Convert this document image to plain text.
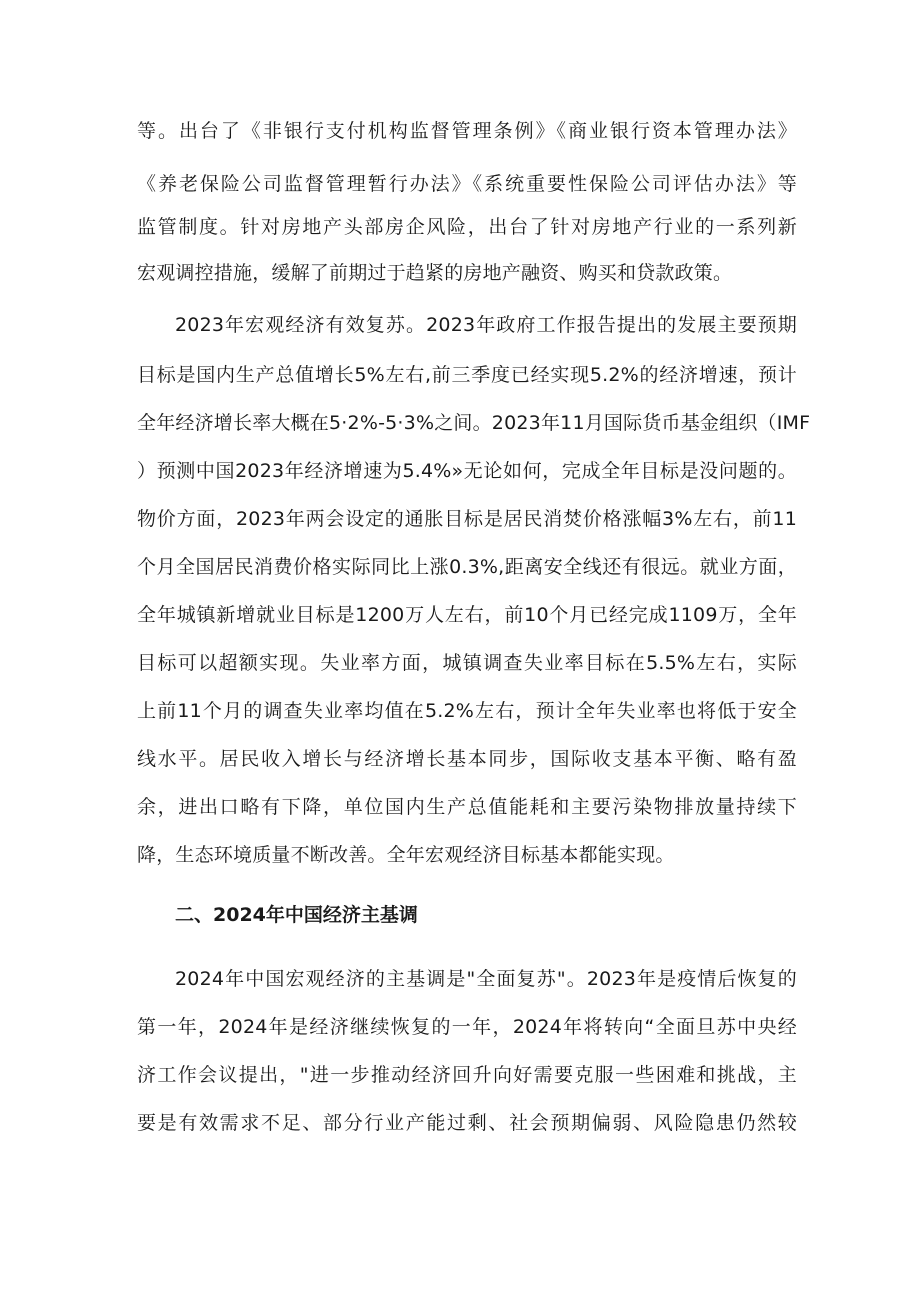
等。出台了《非银行支付机构监督管理条例》《商业银行资本管理办法》
《养老保险公司监督管理暂行办法》《系统重要性保险公司评估办法》等
监管制度。针对房地产头部房企风险，出台了针对房地产行业的一系列新
宏观调控措施，缓解了前期过于趋紧的房地产融资、购买和贷款政策。
2023年宏观经济有效复苏。2023年政府工作报告提出的发展主要预期
目标是国内生产总值增长5%左右,前三季度已经实现5.2%的经济增速，预计
全年经济增长率大概在5·2%-5·3%之间。2023年11月国际货币基金组织（IMF
）预测中国2023年经济增速为5.4%»无论如何，完成全年目标是没问题的。
物价方面，2023年两会设定的通胀目标是居民消焚价格涨幅3%左右，前11
个月全国居民消费价格实际同比上涨0.3%,距离安全线还有很远。就业方面，
全年城镇新增就业目标是1200万人左右，前10个月已经完成1109万，全年
目标可以超额实现。失业率方面，城镇调查失业率目标在5.5%左右，实际
上前11个月的调查失业率均值在5.2%左右，预计全年失业率也将低于安全
线水平。居民收入增长与经济增长基本同步，国际收支基本平衡、略有盈
余，进出口略有下降，单位国内生产总值能耗和主要污染物排放量持续下
降，生态环境质量不断改善。全年宏观经济目标基本都能实现。
二、2024年中国经济主基调
2024年中国宏观经济的主基调是"全面复苏"。2023年是疫情后恢复的
第一年，2024年是经济继续恢复的一年，2024年将转向“全面旦苏中央经
济工作会议提出，"进一步推动经济回升向好需要克服一些困难和挑战，主
要是有效需求不足、部分行业产能过剩、社会预期偏弱、风险隐患仍然较
